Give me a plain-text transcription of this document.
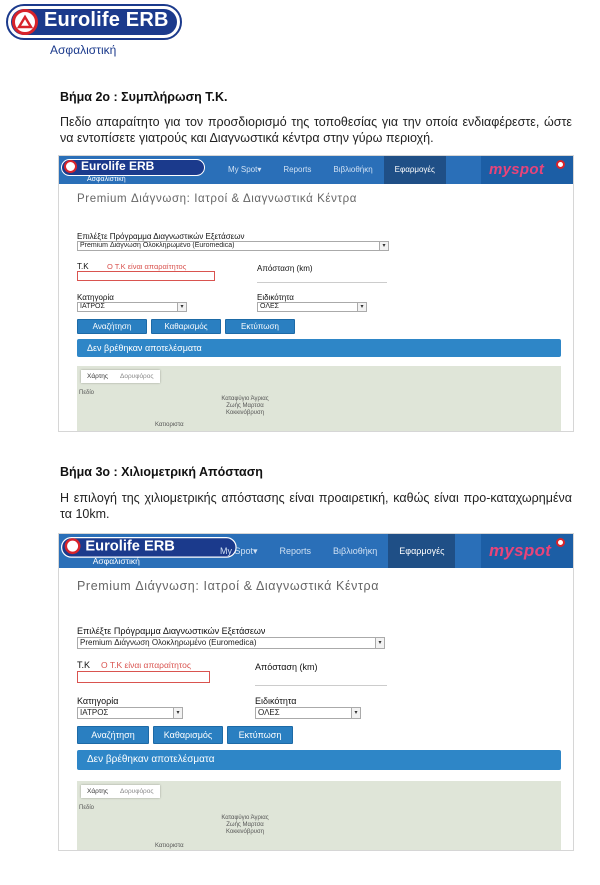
Eurolife ERB
Ασφαλιστική
Βήμα 2ο : Συμπλήρωση Τ.Κ.
Πεδίο απαραίτητο για τον προσδιορισμό της τοποθεσίας για την οποία ενδιαφέρεστε, ώστε να εντοπίσετε γιατρούς και Διαγνωστικά κέντρα στην γύρω περιοχή.
Eurolife ERB
Ασφαλιστική
My Spot▾	Reports	Βιβλιοθήκη	Εφαρμογές	myspot
Premium Διάγνωση: Ιατροί & Διαγνωστικά Κέντρα
Επιλέξτε Πρόγραμμα Διαγνωστικών Εξετάσεων
Premium Διάγνωση Ολοκληρωμένο (Euromedica)	▾
Τ.Κ Ο Τ.Κ είναι απαραίτητος	Απόσταση (km)
Κατηγορία
ΙΑΤΡΟΣ	▾
Ειδικότητα
ΟΛΕΣ	▾
Αναζήτηση	Καθαρισμός	Εκτύπωση
Δεν βρέθηκαν αποτελέσματα
Χάρτης	Δορυφόρος
Πεδίο
Καταφύγιο Άγριας Ζωής Μαρτσα Κοκκινόβρυση
Κατιοριστα
Βήμα 3ο : Χιλιομετρική Απόσταση
Η επιλογή της χιλιομετρικής απόστασης είναι προαιρετική, καθώς είναι προ-καταχωρημένα τα 10km.
Eurolife ERB
Ασφαλιστική
My Spot▾	Reports	Βιβλιοθήκη	Εφαρμογές	myspot
Premium Διάγνωση: Ιατροί & Διαγνωστικά Κέντρα
Επιλέξτε Πρόγραμμα Διαγνωστικών Εξετάσεων
Premium Διάγνωση Ολοκληρωμένο (Euromedica)	▾
Τ.Κ Ο Τ.Κ είναι απαραίτητος	Απόσταση (km)
Κατηγορία
ΙΑΤΡΟΣ	▾
Ειδικότητα
ΟΛΕΣ	▾
Αναζήτηση	Καθαρισμός	Εκτύπωση
Δεν βρέθηκαν αποτελέσματα
Χάρτης	Δορυφόρος
Πεδίο
Καταφύγιο Άγριας Ζωής Μαρτσα Κοκκινόβρυση
Κατιοριστα
